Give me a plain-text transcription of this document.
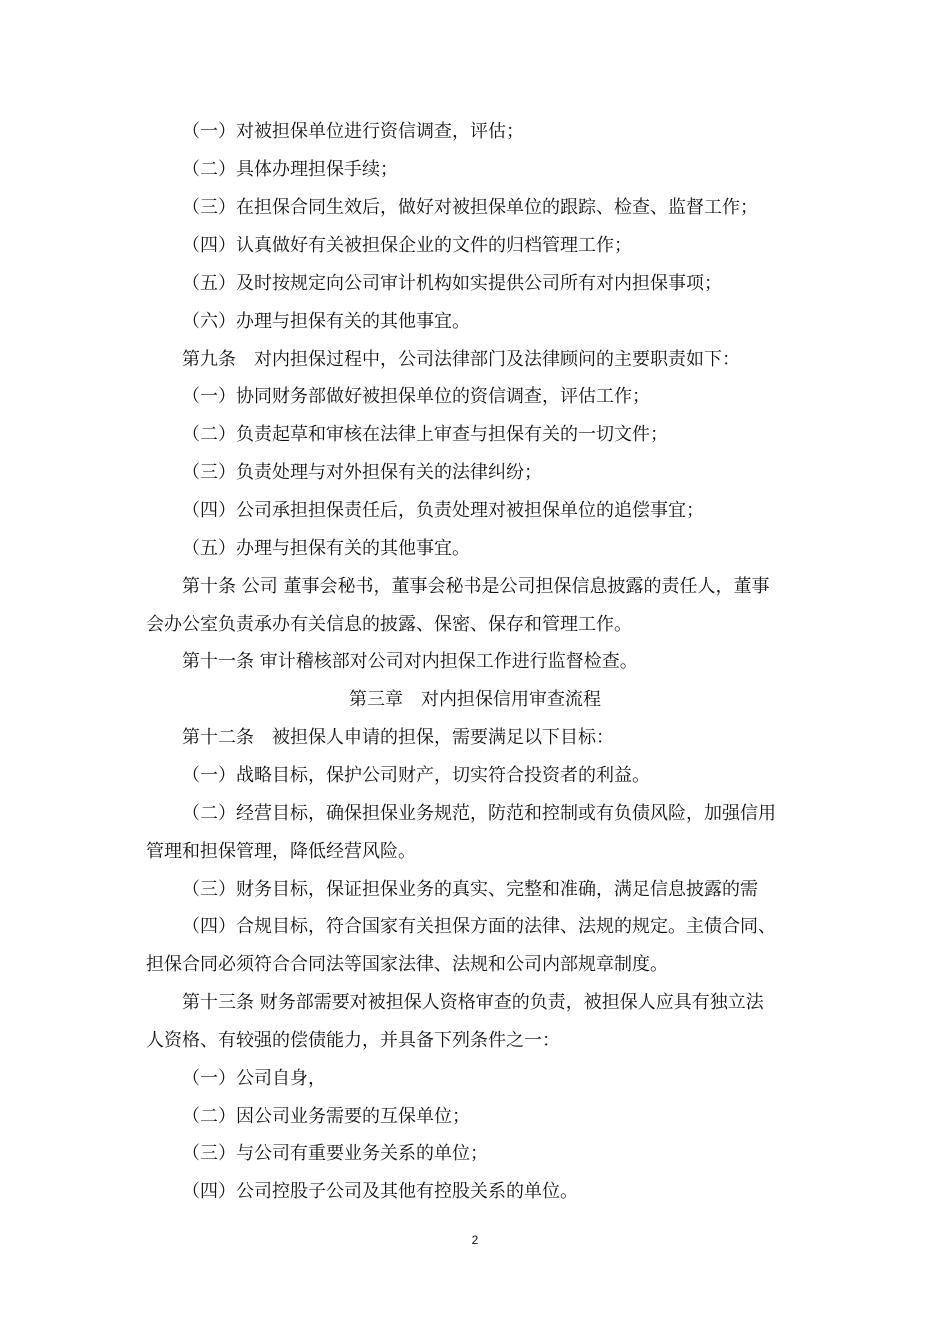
（一）对被担保单位进行资信调查，评估；
（二）具体办理担保手续；
（三）在担保合同生效后，做好对被担保单位的跟踪、检查、监督工作；
（四）认真做好有关被担保企业的文件的归档管理工作；
（五）及时按规定向公司审计机构如实提供公司所有对内担保事项；
（六）办理与担保有关的其他事宜。
第九条　对内担保过程中，公司法律部门及法律顾问的主要职责如下：
（一）协同财务部做好被担保单位的资信调查，评估工作；
（二）负责起草和审核在法律上审查与担保有关的一切文件；
（三）负责处理与对外担保有关的法律纠纷；
（四）公司承担担保责任后，负责处理对被担保单位的追偿事宜；
（五）办理与担保有关的其他事宜。
第十条 公司 董事会秘书，董事会秘书是公司担保信息披露的责任人，董事
会办公室负责承办有关信息的披露、保密、保存和管理工作。
第十一条 审计稽核部对公司对内担保工作进行监督检查。
第三章　对内担保信用审查流程
第十二条　被担保人申请的担保，需要满足以下目标：
（一）战略目标，保护公司财产，切实符合投资者的利益。
（二）经营目标，确保担保业务规范，防范和控制或有负债风险，加强信用
管理和担保管理，降低经营风险。
（三）财务目标，保证担保业务的真实、完整和准确，满足信息披露的需
（四）合规目标，符合国家有关担保方面的法律、法规的规定。主债合同、
担保合同必须符合合同法等国家法律、法规和公司内部规章制度。
第十三条 财务部需要对被担保人资格审查的负责，被担保人应具有独立法
人资格、有较强的偿债能力，并具备下列条件之一：
（一）公司自身，
（二）因公司业务需要的互保单位；
（三）与公司有重要业务关系的单位；
（四）公司控股子公司及其他有控股关系的单位。
2
